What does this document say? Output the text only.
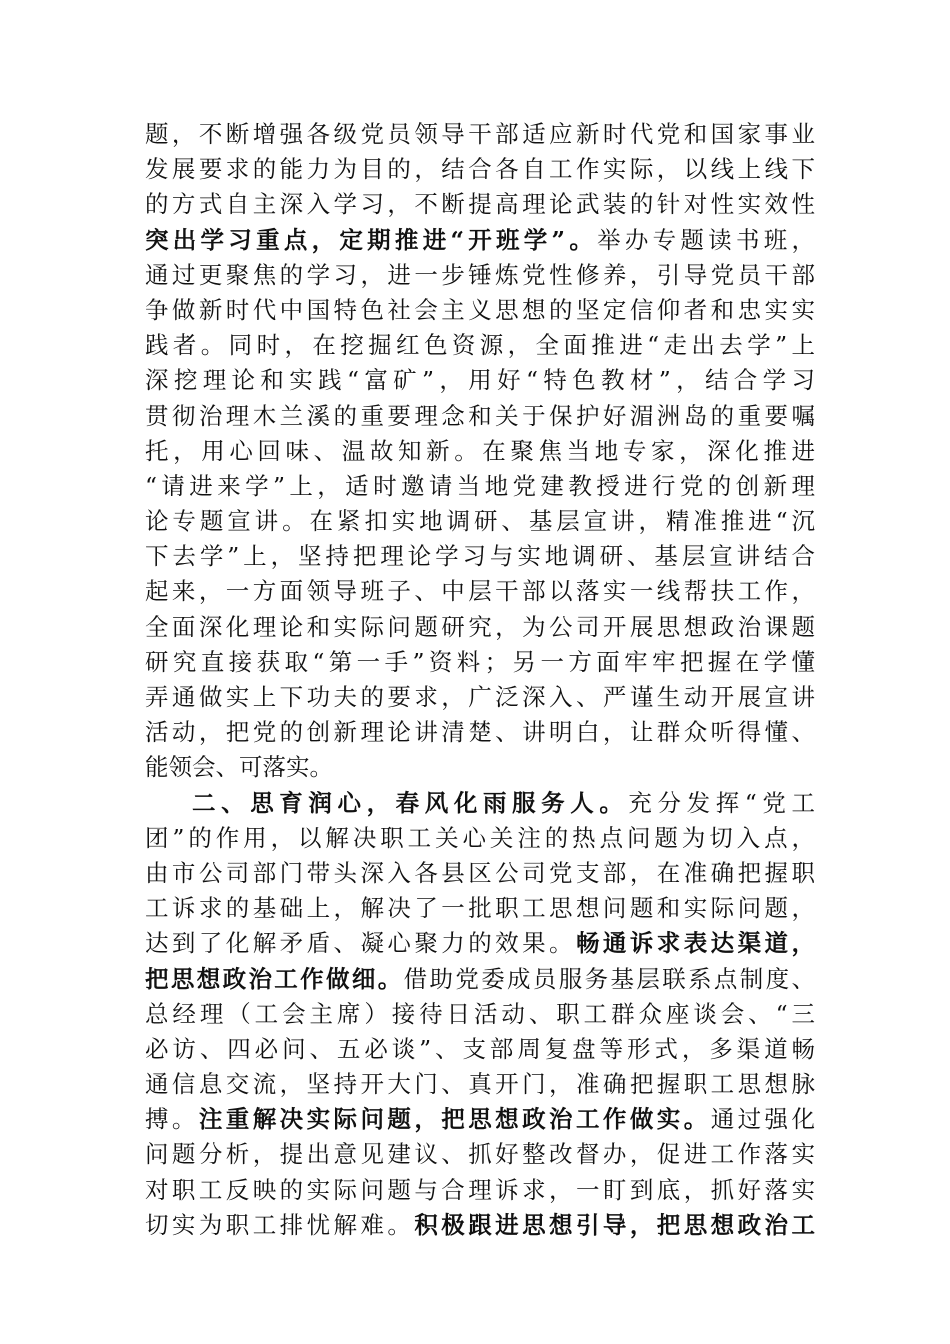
题，不断增强各级党员领导干部适应新时代党和国家事业
发展要求的能力为目的，结合各自工作实际，以线上线下
的方式自主深入学习，不断提高理论武装的针对性实效性
突出学习重点，定期推进“开班学”。举办专题读书班，
通过更聚焦的学习，进一步锤炼党性修养，引导党员干部
争做新时代中国特色社会主义思想的坚定信仰者和忠实实
践者。同时，在挖掘红色资源，全面推进“走出去学”上
深挖理论和实践“富矿”，用好“特色教材”，结合学习
贯彻治理木兰溪的重要理念和关于保护好湄洲岛的重要嘱
托，用心回味、温故知新。在聚焦当地专家，深化推进
“请进来学”上，适时邀请当地党建教授进行党的创新理
论专题宣讲。在紧扣实地调研、基层宣讲，精准推进“沉
下去学”上，坚持把理论学习与实地调研、基层宣讲结合
起来，一方面领导班子、中层干部以落实一线帮扶工作，
全面深化理论和实际问题研究，为公司开展思想政治课题
研究直接获取“第一手”资料；另一方面牢牢把握在学懂
弄通做实上下功夫的要求，广泛深入、严谨生动开展宣讲
活动，把党的创新理论讲清楚、讲明白，让群众听得懂、
能领会、可落实。
二、思育润心，春风化雨服务人。充分发挥“党工
团”的作用，以解决职工关心关注的热点问题为切入点，
由市公司部门带头深入各县区公司党支部，在准确把握职
工诉求的基础上，解决了一批职工思想问题和实际问题，
达到了化解矛盾、凝心聚力的效果。畅通诉求表达渠道，
把思想政治工作做细。借助党委成员服务基层联系点制度、
总经理（工会主席）接待日活动、职工群众座谈会、“三
必访、四必问、五必谈”、支部周复盘等形式，多渠道畅
通信息交流，坚持开大门、真开门，准确把握职工思想脉
搏。注重解决实际问题，把思想政治工作做实。通过强化
问题分析，提出意见建议、抓好整改督办，促进工作落实
对职工反映的实际问题与合理诉求，一盯到底，抓好落实
切实为职工排忧解难。积极跟进思想引导，把思想政治工
